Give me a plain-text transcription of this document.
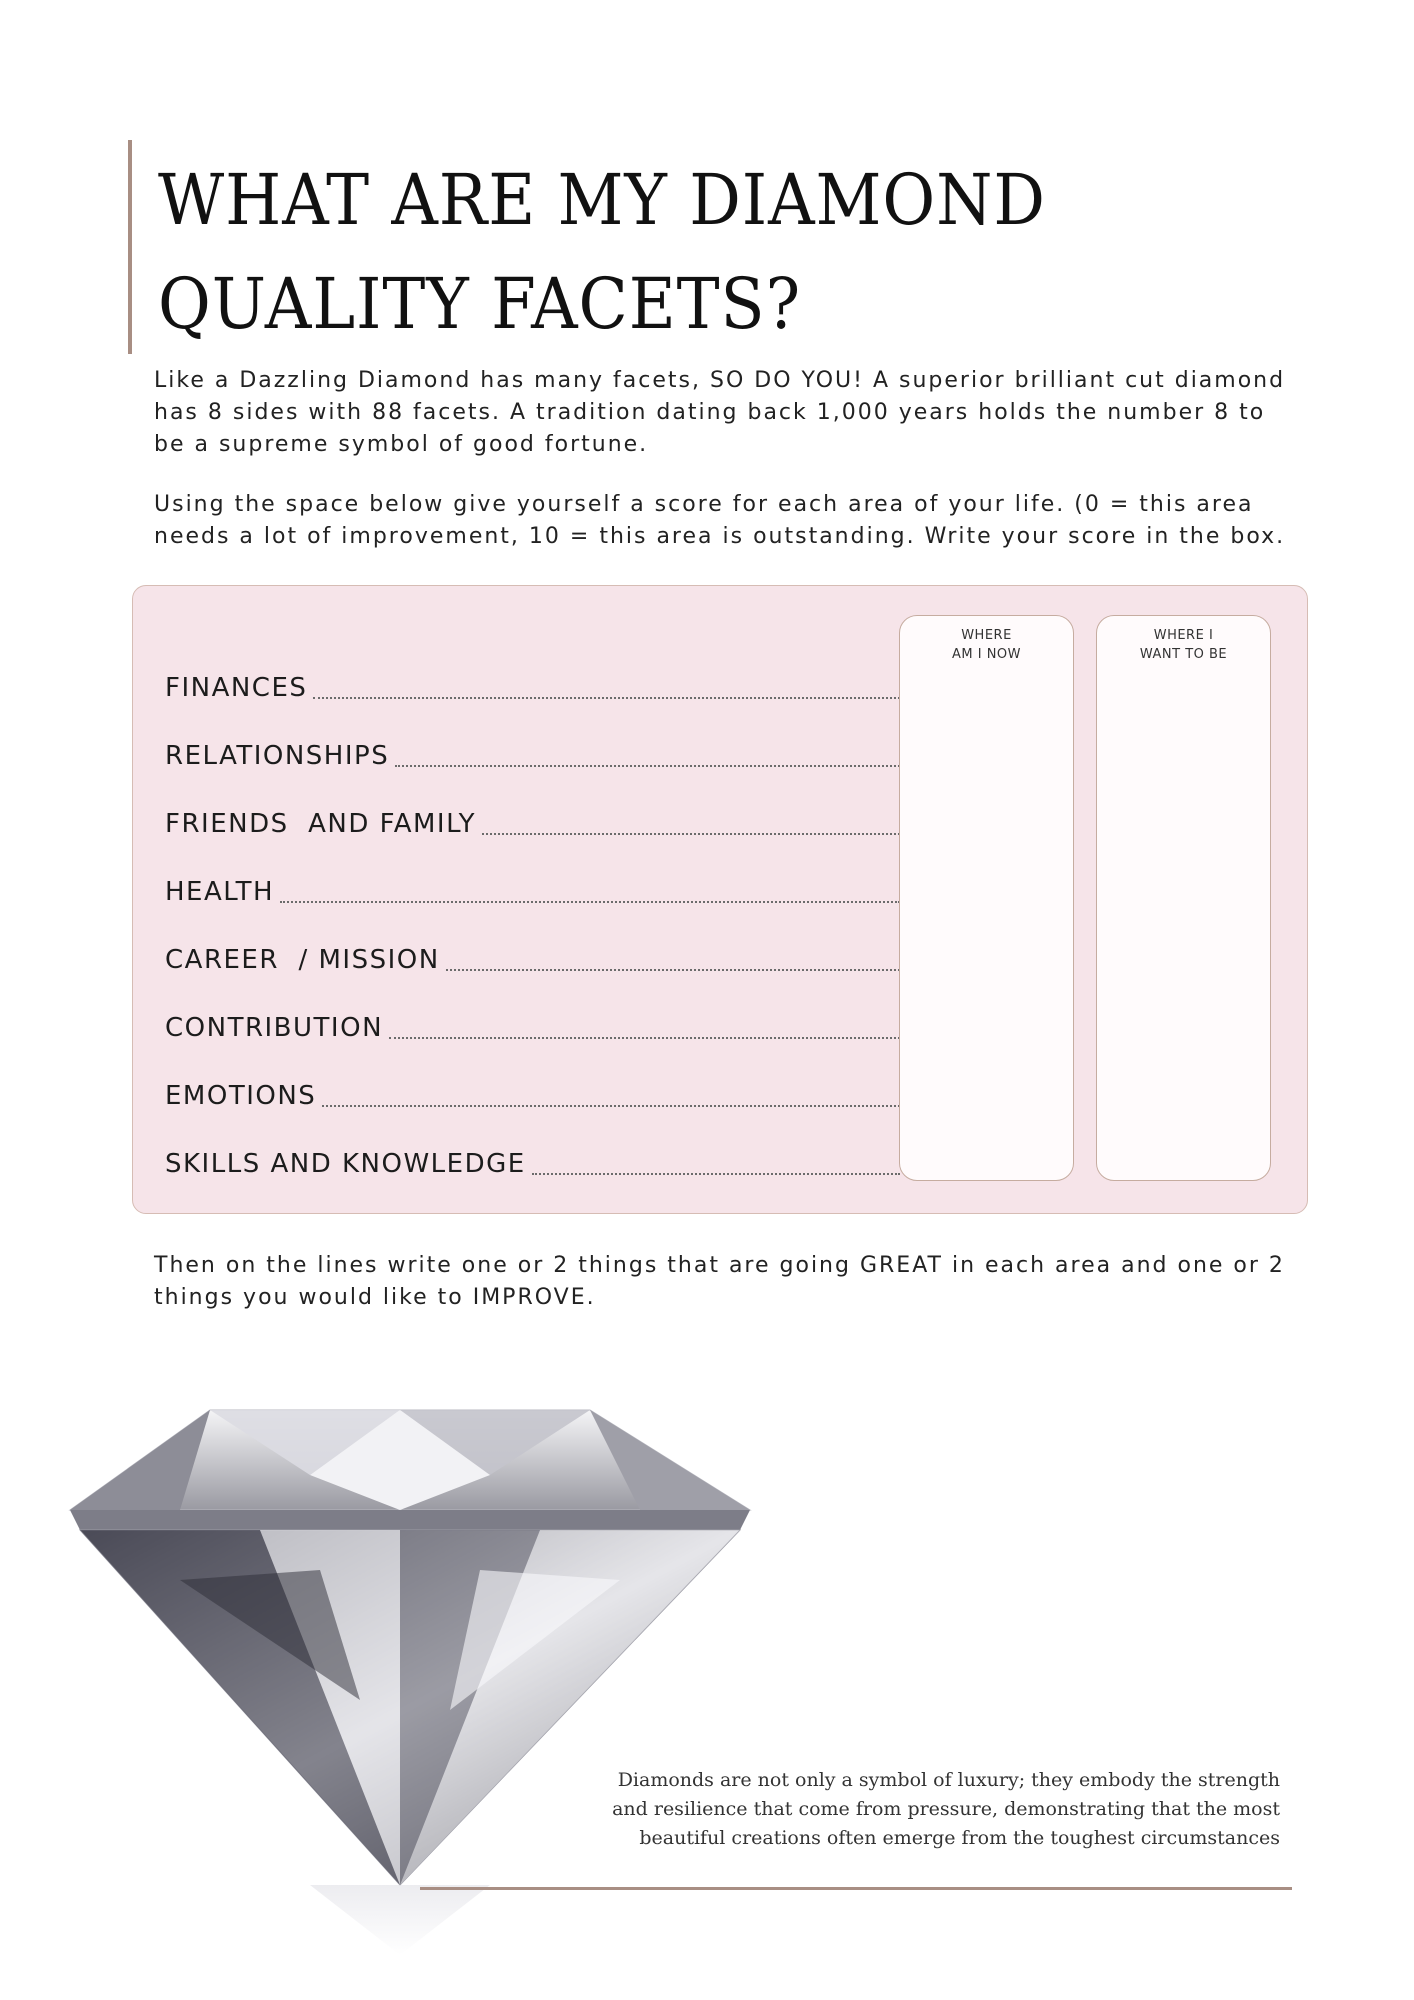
WHAT ARE MY DIAMOND
QUALITY FACETS?

Like a Dazzling Diamond has many facets, SO DO YOU! A superior brilliant cut diamond has 8 sides with 88 facets. A tradition dating back 1,000 years holds the number 8 to be a supreme symbol of good fortune.

Using the space below give yourself a score for each area of your life. (0 = this area needs a lot of improvement, 10 = this area is outstanding. Write your score in the box.

FINANCES
RELATIONSHIPS
FRIENDS  AND FAMILY
HEALTH
CAREER  / MISSION
CONTRIBUTION
EMOTIONS
SKILLS AND KNOWLEDGE
WHERE
AM I NOW
WHERE I
WANT TO BE

Then on the lines write one or 2 things that are going GREAT in each area and one or 2 things you would like to IMPROVE.

Diamonds are not only a symbol of luxury; they embody the strength
and resilience that come from pressure, demonstrating that the most
beautiful creations often emerge from the toughest circumstances
